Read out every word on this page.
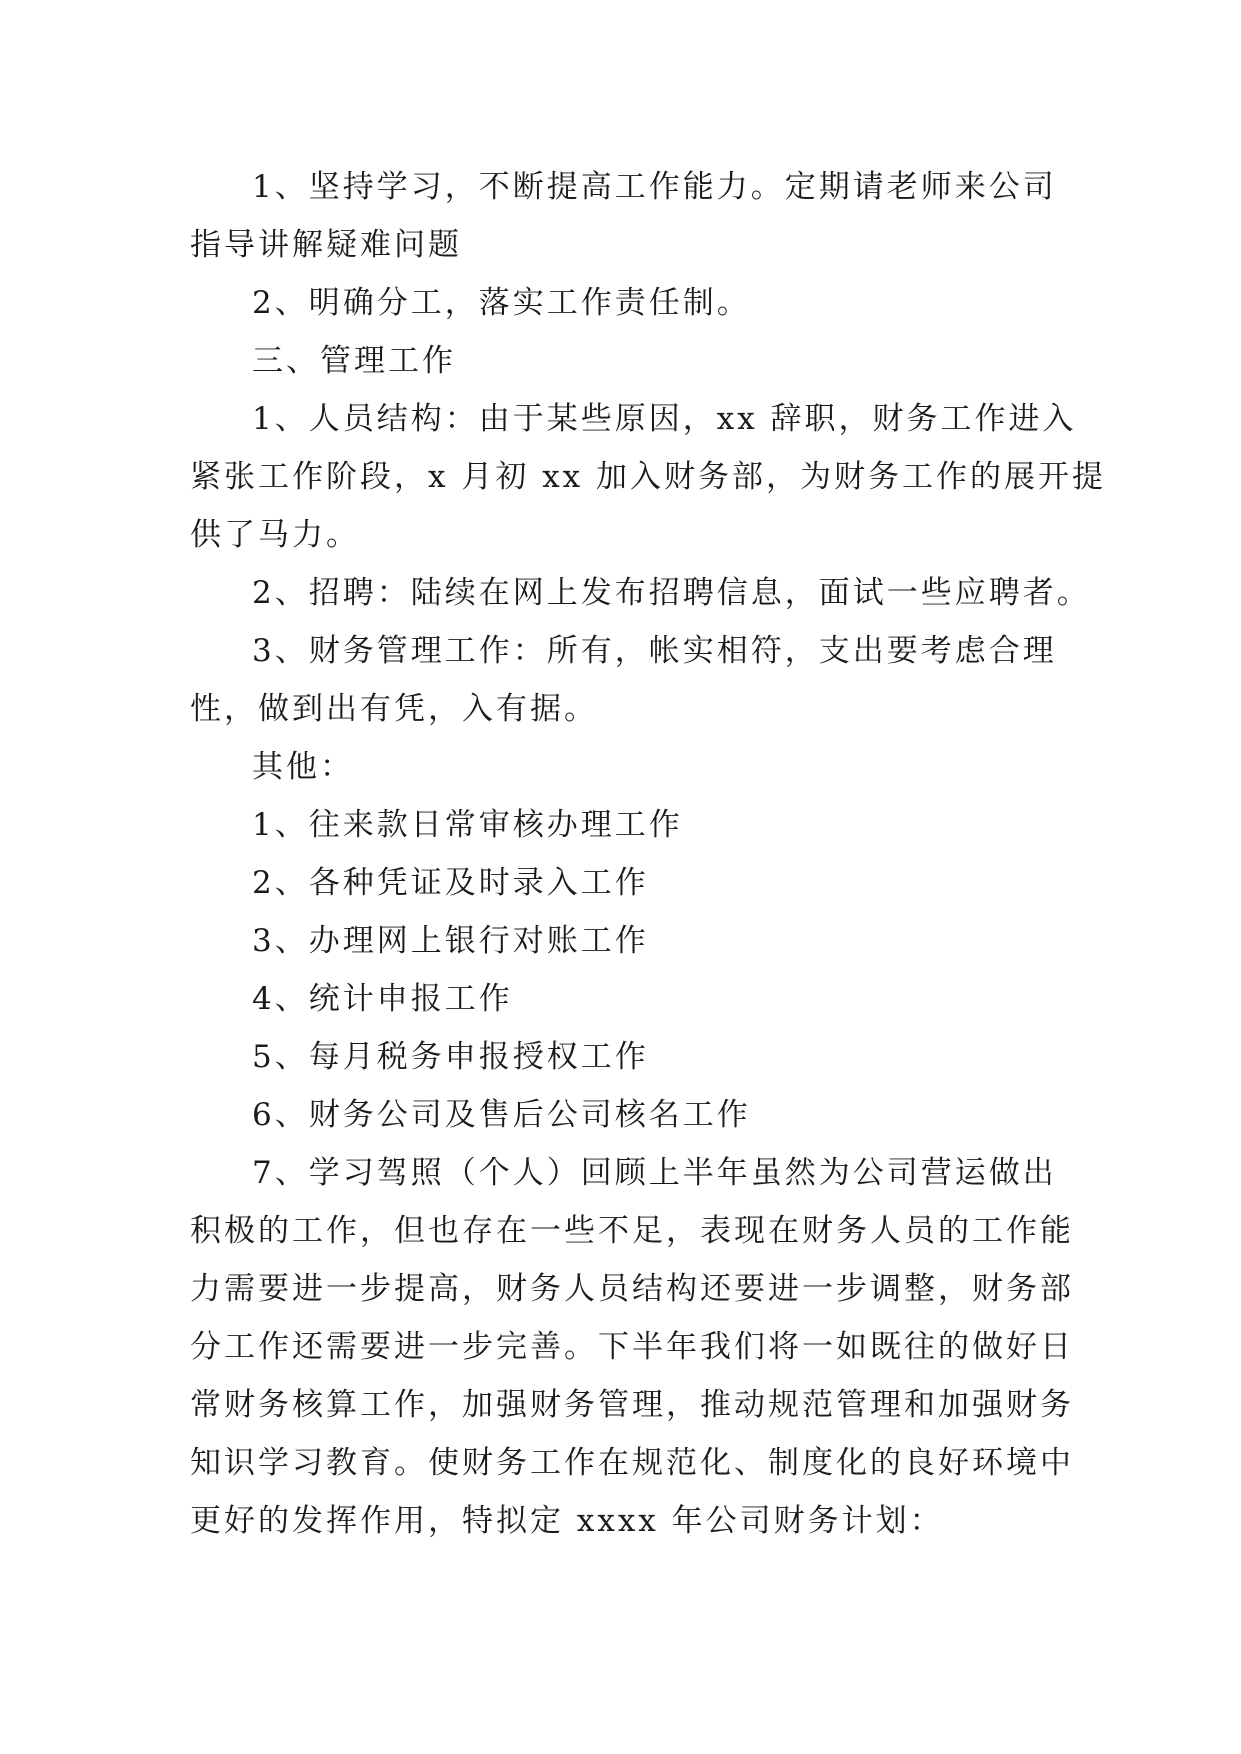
1、坚持学习，不断提高工作能力。定期请老师来公司
指导讲解疑难问题
2、明确分工，落实工作责任制。
三、管理工作
1、人员结构：由于某些原因，xx 辞职，财务工作进入
紧张工作阶段，x 月初 xx 加入财务部，为财务工作的展开提
供了马力。
2、招聘：陆续在网上发布招聘信息，面试一些应聘者。
3、财务管理工作：所有，帐实相符，支出要考虑合理
性，做到出有凭，入有据。
其他：
1、往来款日常审核办理工作
2、各种凭证及时录入工作
3、办理网上银行对账工作
4、统计申报工作
5、每月税务申报授权工作
6、财务公司及售后公司核名工作
7、学习驾照（个人）回顾上半年虽然为公司营运做出
积极的工作，但也存在一些不足，表现在财务人员的工作能
力需要进一步提高，财务人员结构还要进一步调整，财务部
分工作还需要进一步完善。下半年我们将一如既往的做好日
常财务核算工作，加强财务管理，推动规范管理和加强财务
知识学习教育。使财务工作在规范化、制度化的良好环境中
更好的发挥作用，特拟定 xxxx 年公司财务计划：
